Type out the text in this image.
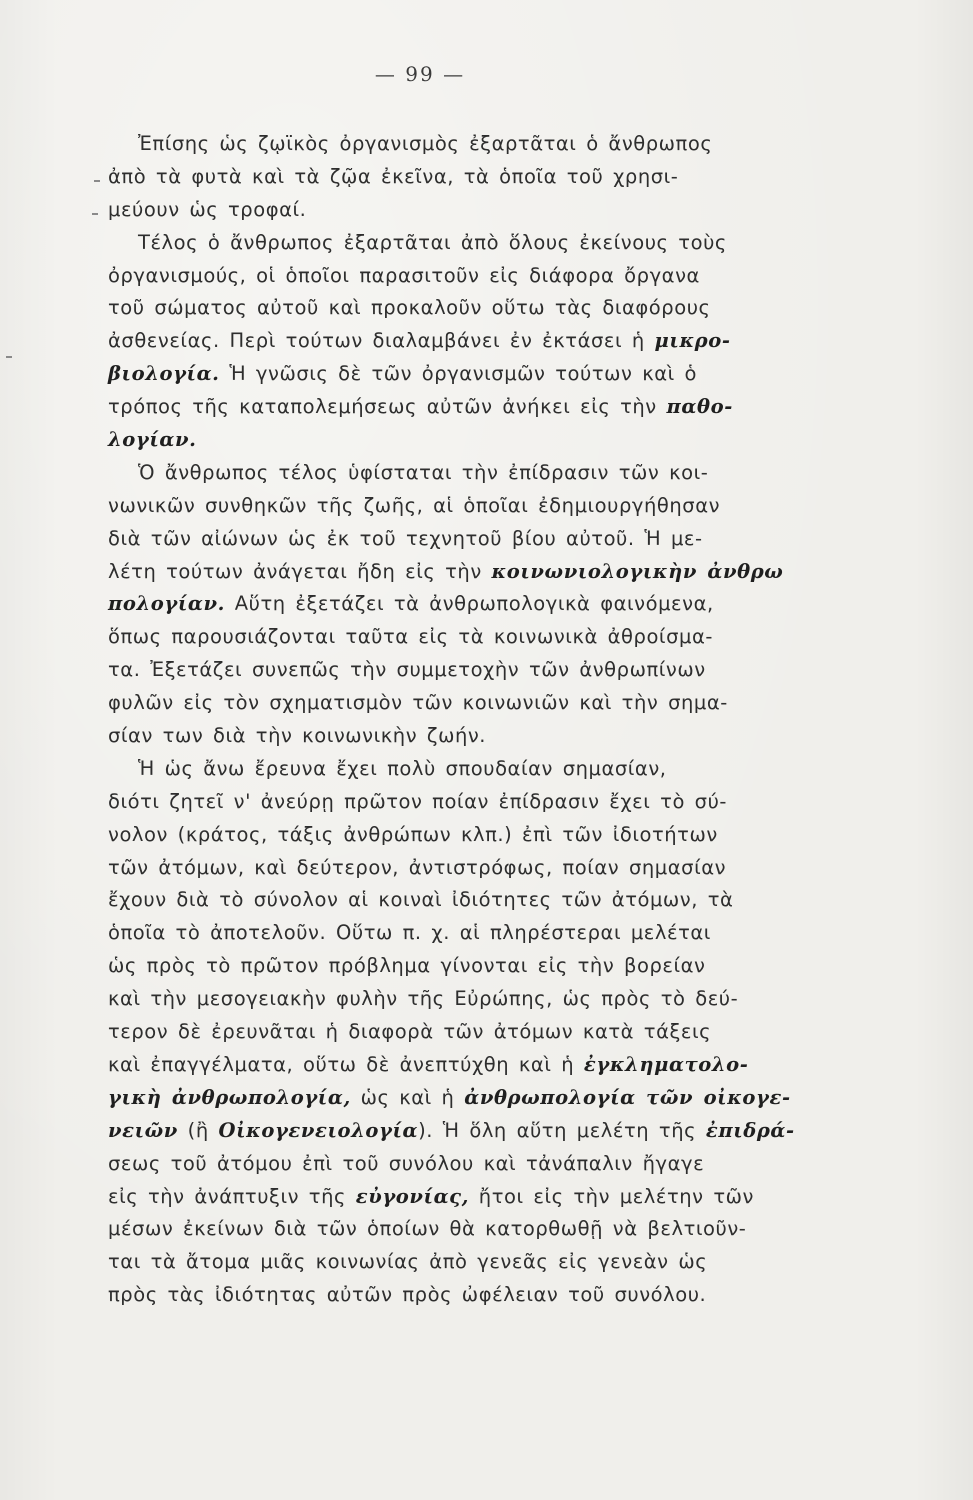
— 99 —
Ἐπίσης ὡς ζῳϊκὸς ὀργανισμὸς ἐξαρτᾶται ὁ ἄνθρωπος
ἀπὸ τὰ φυτὰ καὶ τὰ ζῷα ἐκεῖνα, τὰ ὁποῖα τοῦ χρησι-
μεύουν ὡς τροφαί.
Τέλος ὁ ἄνθρωπος ἐξαρτᾶται ἀπὸ ὅλους ἐκείνους τοὺς
ὀργανισμούς, οἱ ὁποῖοι παρασιτοῦν εἰς διάφορα ὄργανα
τοῦ σώματος αὐτοῦ καὶ προκαλοῦν οὕτω τὰς διαφόρους
ἀσθενείας. Περὶ τούτων διαλαμβάνει ἐν ἐκτάσει ἡ μικρο-
βιολογία. Ἡ γνῶσις δὲ τῶν ὀργανισμῶν τούτων καὶ ὁ
τρόπος τῆς καταπολεμήσεως αὐτῶν ἀνήκει εἰς τὴν παθο-
λογίαν.
Ὁ ἄνθρωπος τέλος ὑφίσταται τὴν ἐπίδρασιν τῶν κοι-
νωνικῶν συνθηκῶν τῆς ζωῆς, αἱ ὁποῖαι ἐδημιουργήθησαν
διὰ τῶν αἰώνων ὡς ἐκ τοῦ τεχνητοῦ βίου αὐτοῦ. Ἡ με-
λέτη τούτων ἀνάγεται ἤδη εἰς τὴν κοινωνιολογικὴν ἀνθρω
πολογίαν. Αὕτη ἐξετάζει τὰ ἀνθρωπολογικὰ φαινόμενα,
ὅπως παρουσιάζονται ταῦτα εἰς τὰ κοινωνικὰ ἀθροίσμα-
τα. Ἐξετάζει συνεπῶς τὴν συμμετοχὴν τῶν ἀνθρωπίνων
φυλῶν εἰς τὸν σχηματισμὸν τῶν κοινωνιῶν καὶ τὴν σημα-
σίαν των διὰ τὴν κοινωνικὴν ζωήν.
Ἡ ὡς ἄνω ἔρευνα ἔχει πολὺ σπουδαίαν σημασίαν,
διότι ζητεῖ ν' ἀνεύρῃ πρῶτον ποίαν ἐπίδρασιν ἔχει τὸ σύ-
νολον (κράτος, τάξις ἀνθρώπων κλπ.) ἐπὶ τῶν ἰδιοτήτων
τῶν ἀτόμων, καὶ δεύτερον, ἀντιστρόφως, ποίαν σημασίαν
ἔχουν διὰ τὸ σύνολον αἱ κοιναὶ ἰδιότητες τῶν ἀτόμων, τὰ
ὁποῖα τὸ ἀποτελοῦν. Οὕτω π. χ. αἱ πληρέστεραι μελέται
ὡς πρὸς τὸ πρῶτον πρόβλημα γίνονται εἰς τὴν βορείαν
καὶ τὴν μεσογειακὴν φυλὴν τῆς Εὐρώπης, ὡς πρὸς τὸ δεύ-
τερον δὲ ἐρευνᾶται ἡ διαφορὰ τῶν ἀτόμων κατὰ τάξεις
καὶ ἐπαγγέλματα, οὕτω δὲ ἀνεπτύχθη καὶ ἡ ἐγκληματολο-
γικὴ ἀνθρωπολογία, ὡς καὶ ἡ ἀνθρωπολογία τῶν οἰκογε-
νειῶν (ἢ Οἰκογενειολογία). Ἡ ὅλη αὕτη μελέτη τῆς ἐπιδρά-
σεως τοῦ ἀτόμου ἐπὶ τοῦ συνόλου καὶ τἀνάπαλιν ἤγαγε
εἰς τὴν ἀνάπτυξιν τῆς εὐγονίας, ἤτοι εἰς τὴν μελέτην τῶν
μέσων ἐκείνων διὰ τῶν ὁποίων θὰ κατορθωθῇ νὰ βελτιοῦν-
ται τὰ ἄτομα μιᾶς κοινωνίας ἀπὸ γενεᾶς εἰς γενεὰν ὡς
πρὸς τὰς ἰδιότητας αὐτῶν πρὸς ὠφέλειαν τοῦ συνόλου.
